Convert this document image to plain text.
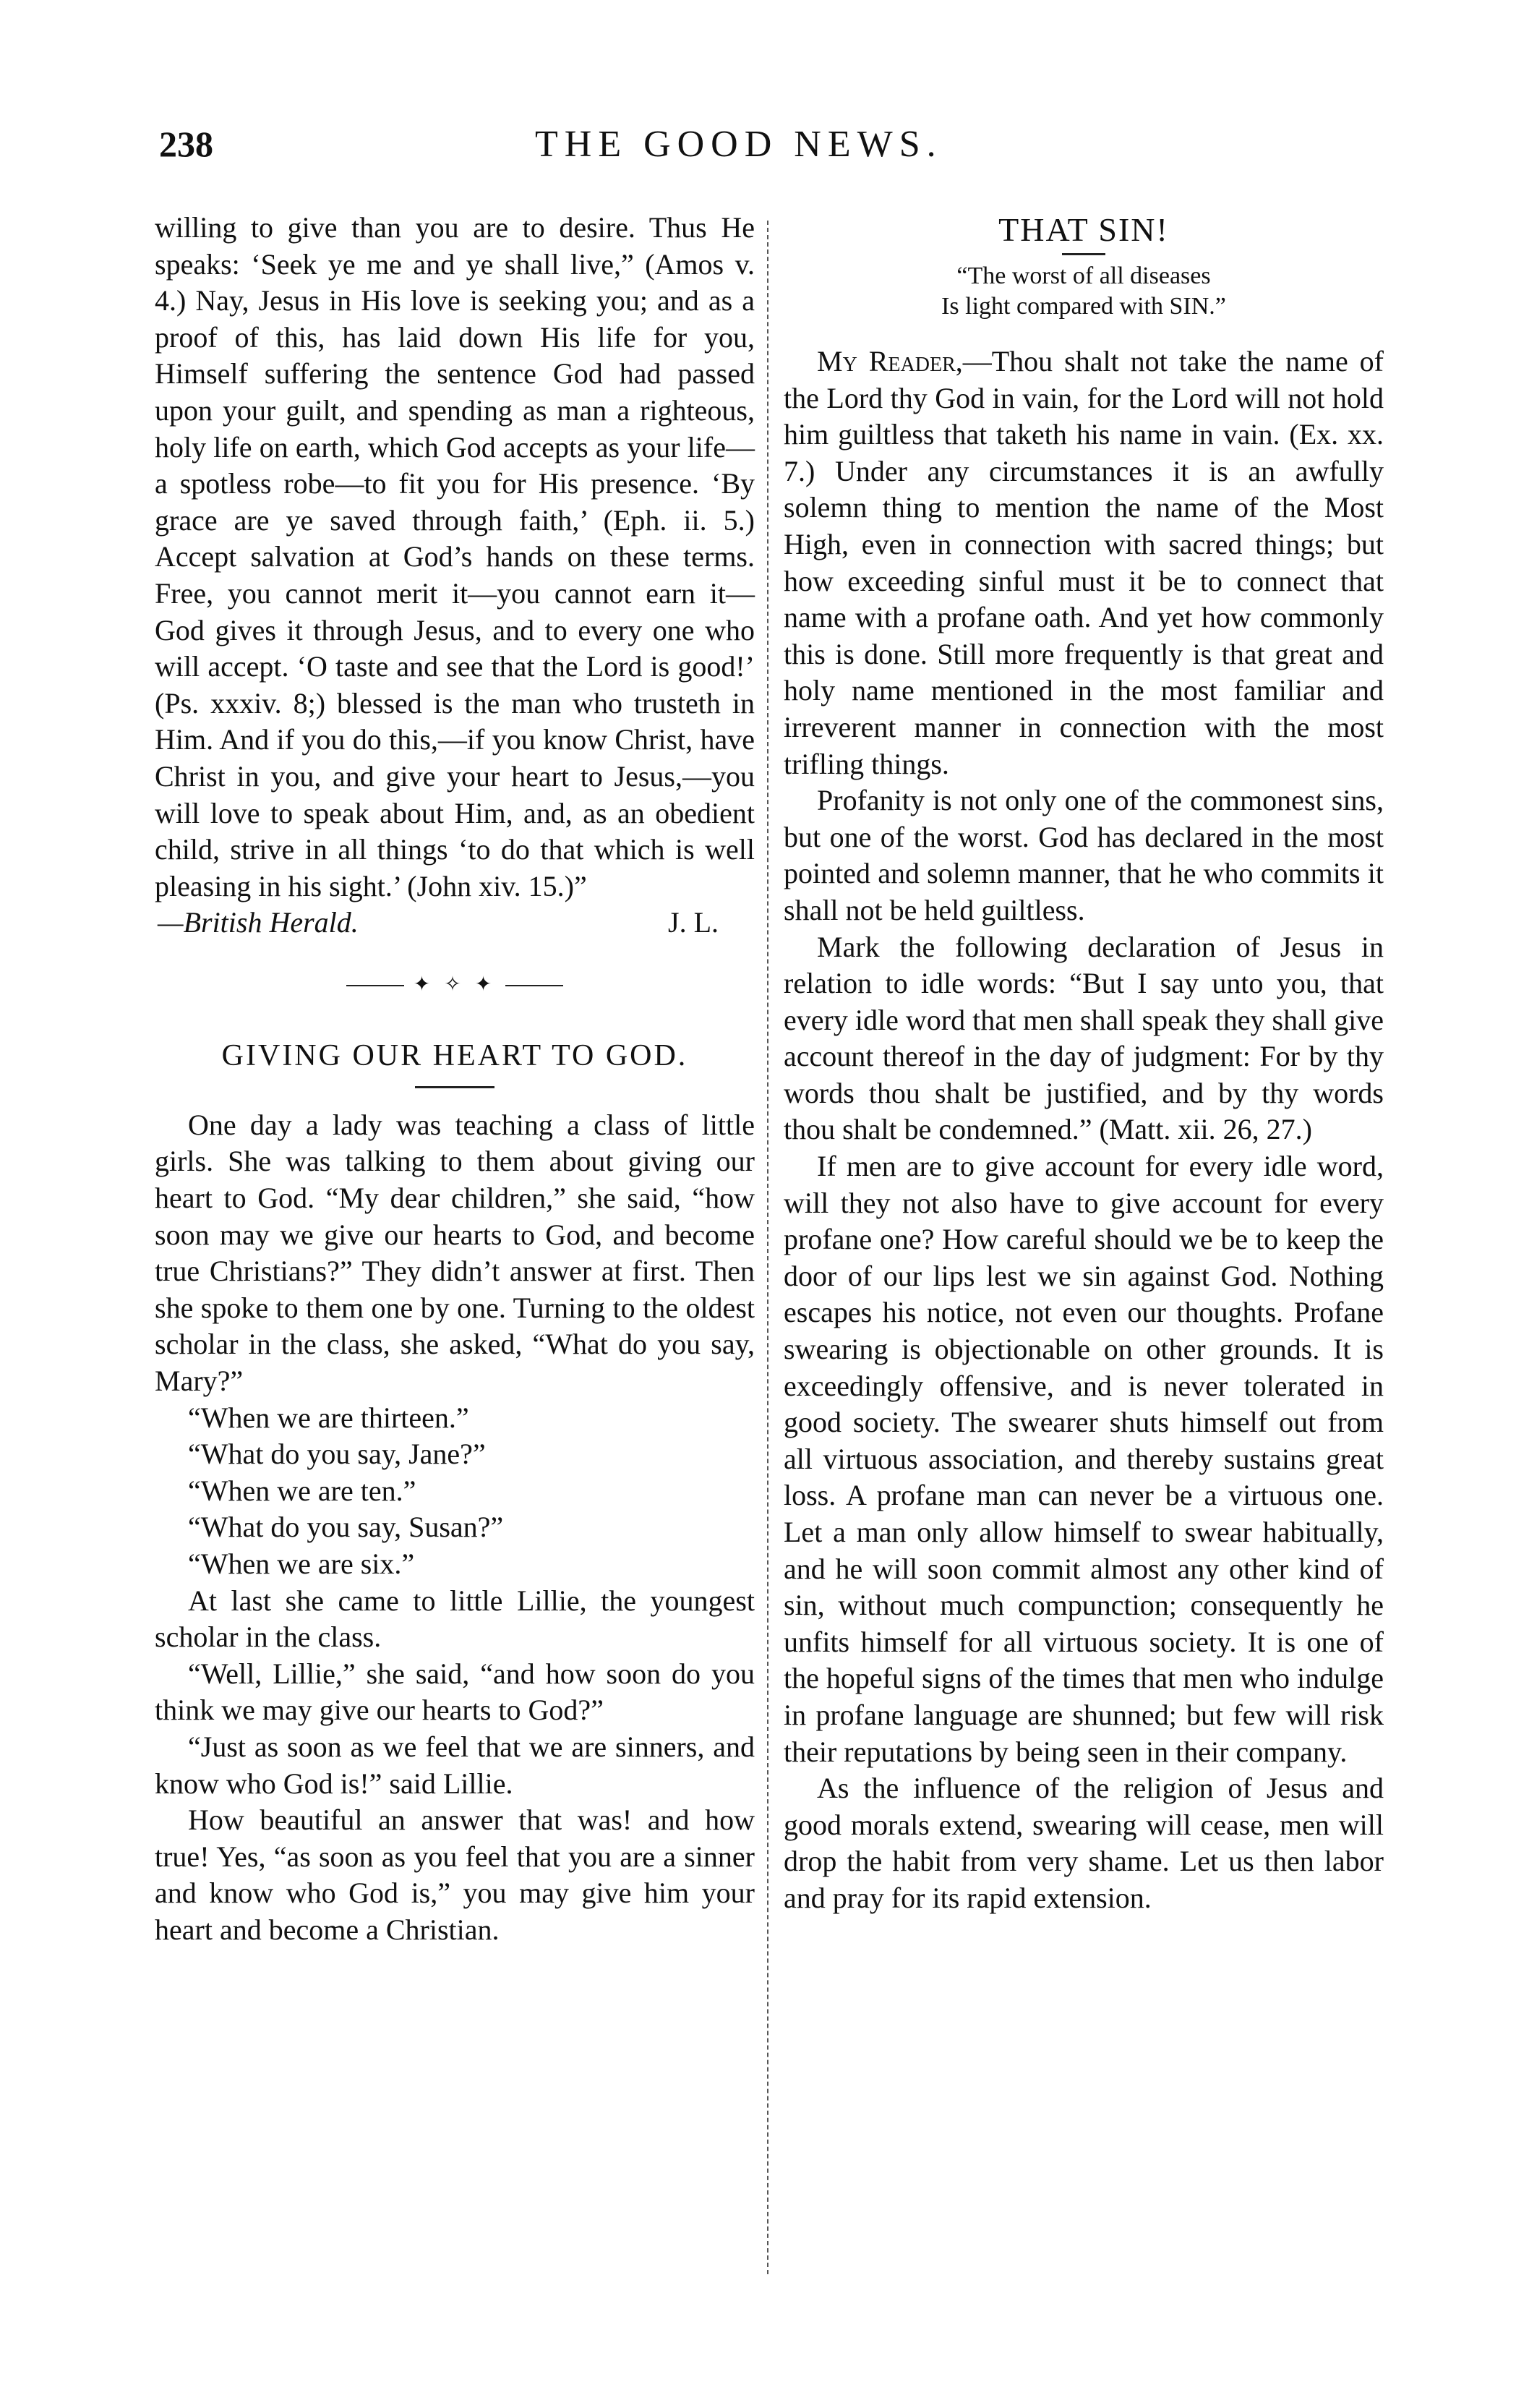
238	THE GOOD NEWS.

willing to give than you are to desire. Thus He speaks: ‘Seek ye me and ye shall live,” (Amos v. 4.) Nay, Jesus in His love is seeking you; and as a proof of this, has laid down His life for you, Himself suffering the sentence God had passed upon your guilt, and spending as man a righteous, holy life on earth, which God accepts as your life—a spotless robe—to fit you for His presence. ‘By grace are ye saved through faith,’ (Eph. ii. 5.) Accept salvation at God’s hands on these terms. Free, you cannot merit it—you cannot earn it—God gives it through Jesus, and to every one who will accept. ‘O taste and see that the Lord is good!’ (Ps. xxxiv. 8;) blessed is the man who trusteth in Him. And if you do this,—if you know Christ, have Christ in you, and give your heart to Jesus,—you will love to speak about Him, and, as an obedient child, strive in all things ‘to do that which is well pleasing in his sight.’ (John xiv. 15.)”

—British Herald.	J. L.
✦ ✧ ✦
GIVING OUR HEART TO GOD.

One day a lady was teaching a class of little girls. She was talking to them about giving our heart to God. “My dear children,” she said, “how soon may we give our hearts to God, and become true Christians?” They didn’t answer at first. Then she spoke to them one by one. Turning to the oldest scholar in the class, she asked, “What do you say, Mary?”

“When we are thirteen.”

“What do you say, Jane?”

“When we are ten.”

“What do you say, Susan?”

“When we are six.”

At last she came to little Lillie, the youngest scholar in the class.

“Well, Lillie,” she said, “and how soon do you think we may give our hearts to God?”

“Just as soon as we feel that we are sinners, and know who God is!” said Lillie.

How beautiful an answer that was! and how true! Yes, “as soon as you feel that you are a sinner and know who God is,” you may give him your heart and become a Christian.

THAT SIN!
“The worst of all diseases
Is light compared with SIN.”

My Reader,—Thou shalt not take the name of the Lord thy God in vain, for the Lord will not hold him guiltless that taketh his name in vain. (Ex. xx. 7.) Under any circumstances it is an awfully solemn thing to mention the name of the Most High, even in connection with sacred things; but how exceeding sinful must it be to connect that name with a profane oath. And yet how commonly this is done. Still more frequently is that great and holy name mentioned in the most familiar and irreverent manner in connection with the most trifling things.

Profanity is not only one of the commonest sins, but one of the worst. God has declared in the most pointed and solemn manner, that he who commits it shall not be held guiltless.

Mark the following declaration of Jesus in relation to idle words: “But I say unto you, that every idle word that men shall speak they shall give account thereof in the day of judgment: For by thy words thou shalt be justified, and by thy words thou shalt be condemned.” (Matt. xii. 26, 27.)

If men are to give account for every idle word, will they not also have to give account for every profane one? How careful should we be to keep the door of our lips lest we sin against God. Nothing escapes his notice, not even our thoughts. Profane swearing is objectionable on other grounds. It is exceedingly offensive, and is never tolerated in good society. The swearer shuts himself out from all virtuous association, and thereby sustains great loss. A profane man can never be a virtuous one. Let a man only allow himself to swear habitually, and he will soon commit almost any other kind of sin, without much compunction; consequently he unfits himself for all virtuous society. It is one of the hopeful signs of the times that men who indulge in profane language are shunned; but few will risk their reputations by being seen in their company.

As the influence of the religion of Jesus and good morals extend, swearing will cease, men will drop the habit from very shame. Let us then labor and pray for its rapid extension.
